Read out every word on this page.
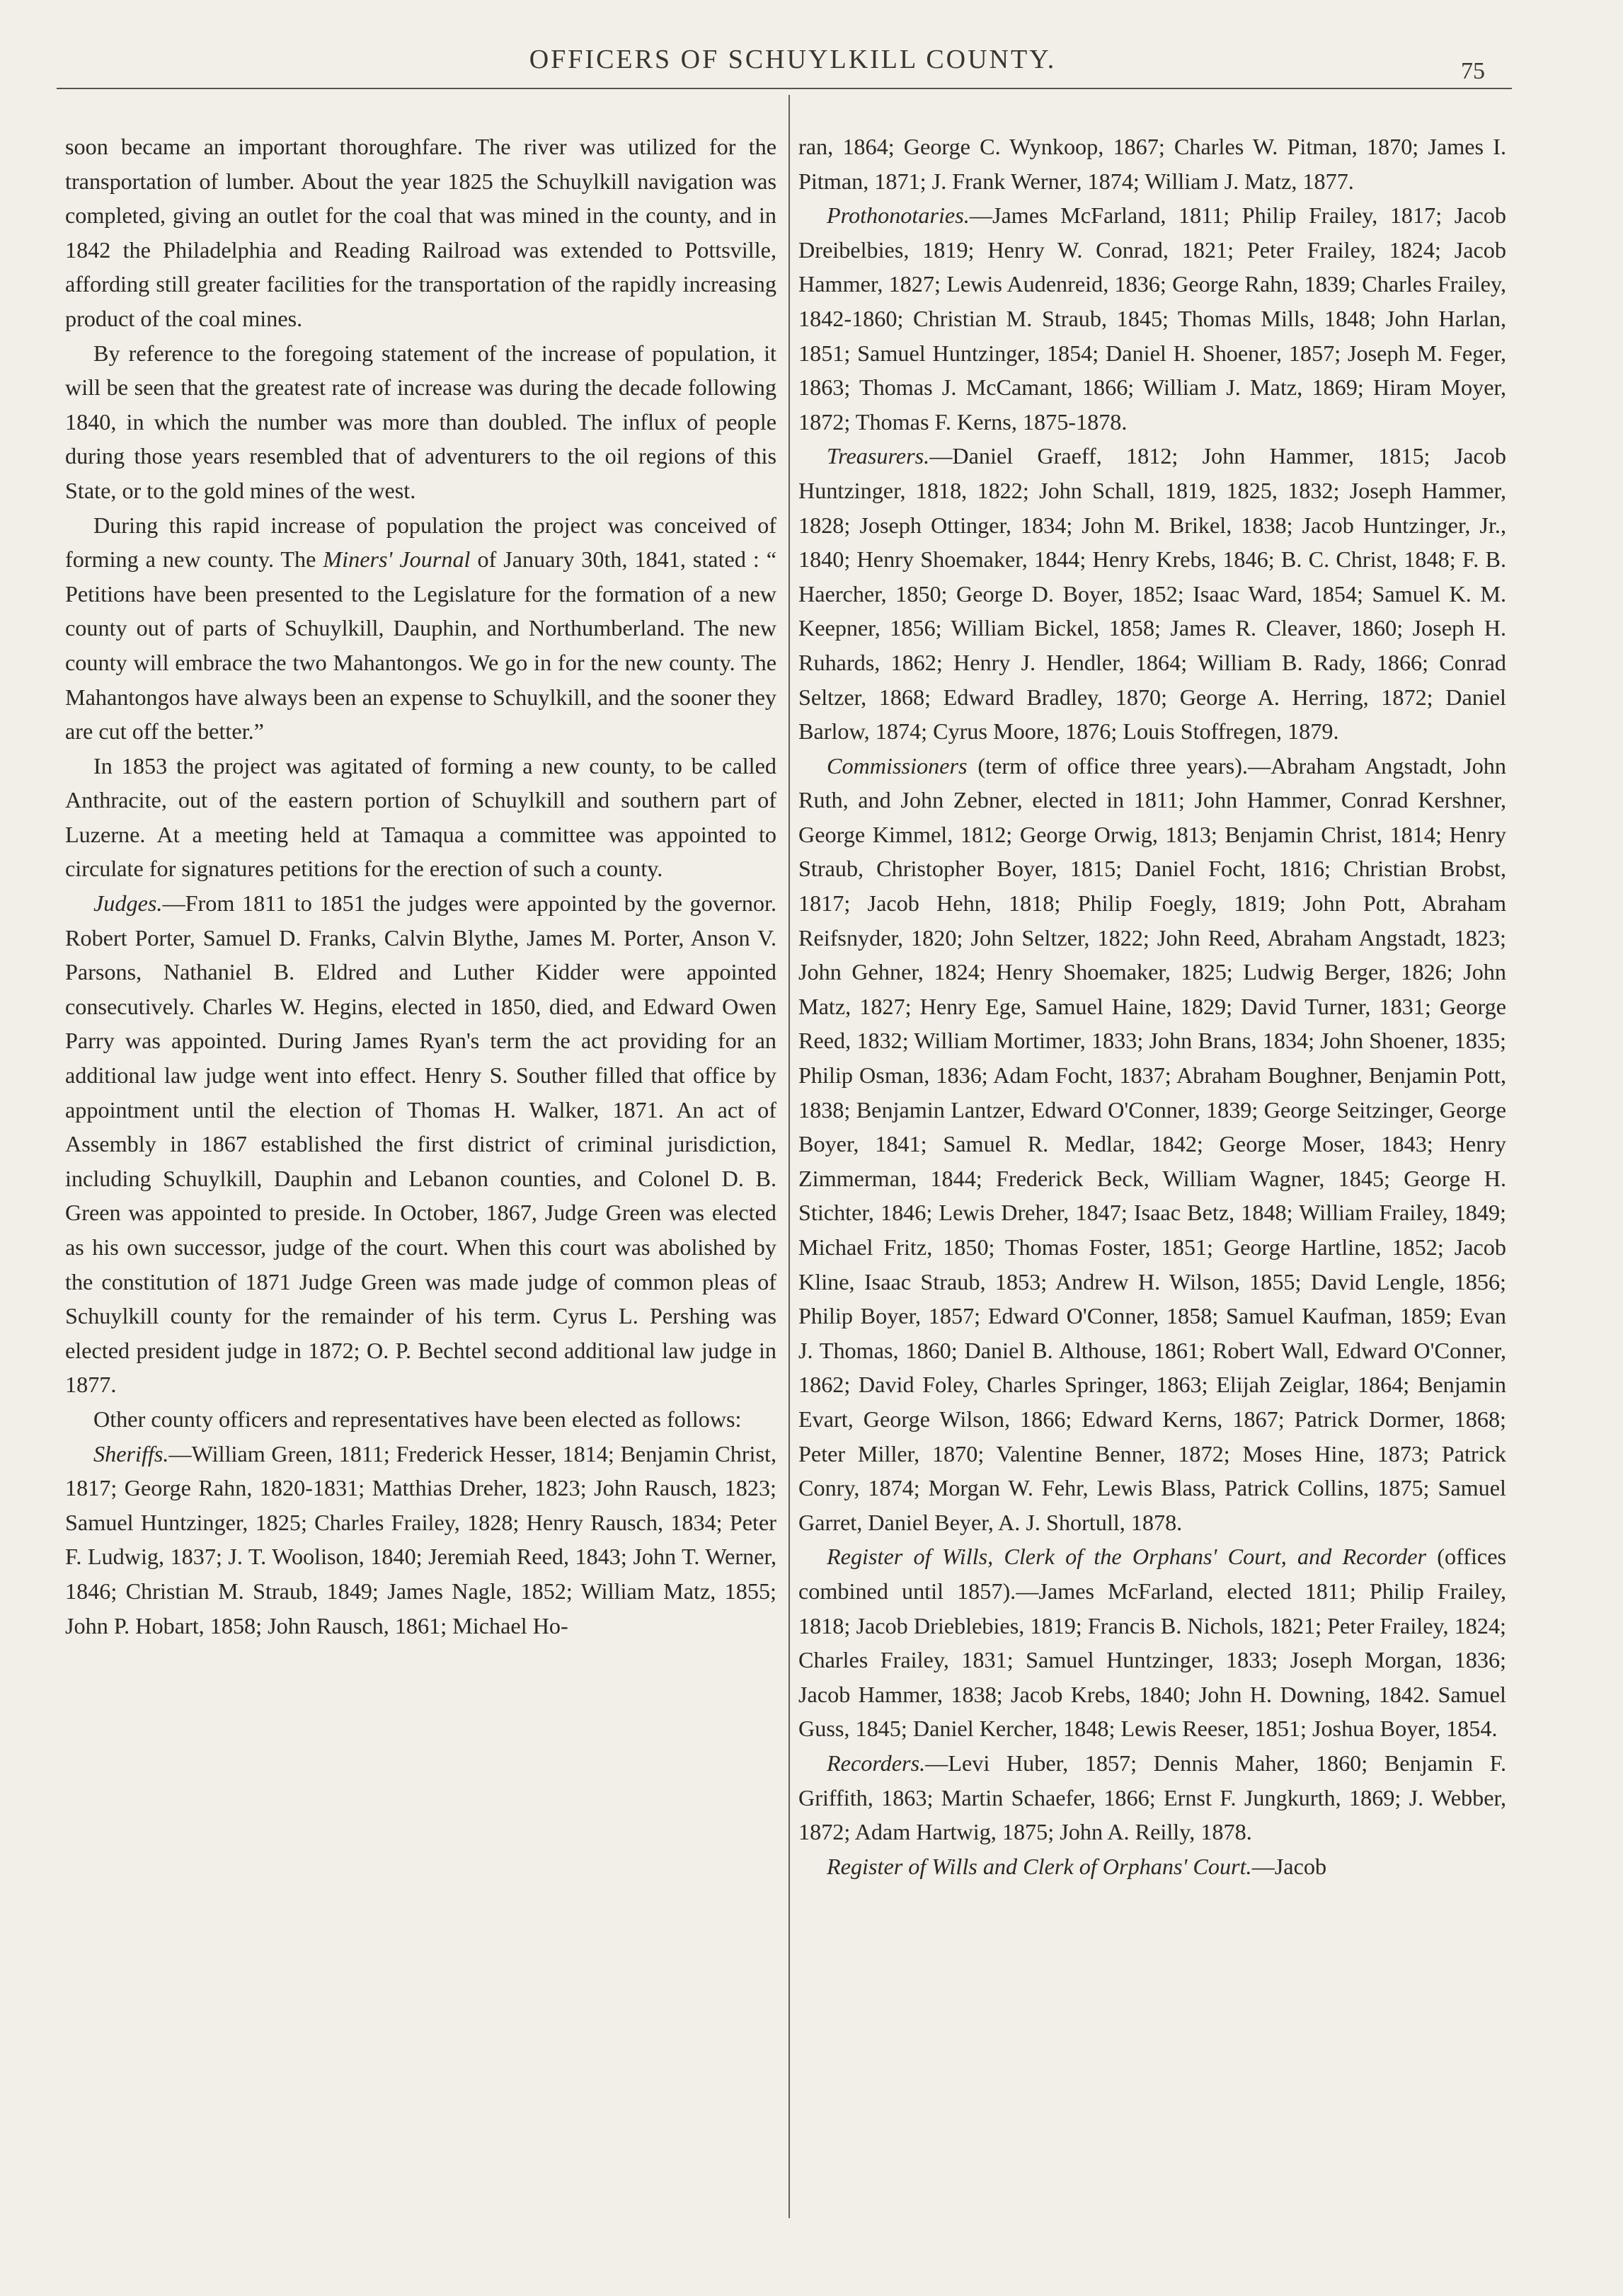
OFFICERS OF SCHUYLKILL COUNTY.	75

soon became an important thoroughfare. The river was utilized for the transportation of lumber. About the year 1825 the Schuylkill navigation was completed, giving an outlet for the coal that was mined in the county, and in 1842 the Philadelphia and Reading Railroad was extended to Pottsville, affording still greater facilities for the transportation of the rapidly increasing product of the coal mines.

By reference to the foregoing statement of the increase of population, it will be seen that the greatest rate of increase was during the decade following 1840, in which the number was more than doubled. The influx of people during those years resembled that of adventurers to the oil regions of this State, or to the gold mines of the west.

During this rapid increase of population the project was conceived of forming a new county. The Miners' Journal of January 30th, 1841, stated : “ Petitions have been presented to the Legislature for the formation of a new county out of parts of Schuylkill, Dauphin, and Northumberland. The new county will embrace the two Mahantongos. We go in for the new county. The Mahantongos have always been an expense to Schuylkill, and the sooner they are cut off the better.”

In 1853 the project was agitated of forming a new county, to be called Anthracite, out of the eastern portion of Schuylkill and southern part of Luzerne. At a meeting held at Tamaqua a committee was appointed to circulate for signatures petitions for the erection of such a county.

Judges.—From 1811 to 1851 the judges were appointed by the governor. Robert Porter, Samuel D. Franks, Calvin Blythe, James M. Porter, Anson V. Parsons, Nathaniel B. Eldred and Luther Kidder were appointed consecutively. Charles W. Hegins, elected in 1850, died, and Edward Owen Parry was appointed. During James Ryan's term the act providing for an additional law judge went into effect. Henry S. Souther filled that office by appointment until the election of Thomas H. Walker, 1871. An act of Assembly in 1867 established the first district of criminal jurisdiction, including Schuylkill, Dauphin and Lebanon counties, and Colonel D. B. Green was appointed to preside. In October, 1867, Judge Green was elected as his own successor, judge of the court. When this court was abolished by the constitution of 1871 Judge Green was made judge of common pleas of Schuylkill county for the remainder of his term. Cyrus L. Pershing was elected president judge in 1872; O. P. Bechtel second additional law judge in 1877.

Other county officers and representatives have been elected as follows:

Sheriffs.—William Green, 1811; Frederick Hesser, 1814; Benjamin Christ, 1817; George Rahn, 1820-1831; Matthias Dreher, 1823; John Rausch, 1823; Samuel Huntzinger, 1825; Charles Frailey, 1828; Henry Rausch, 1834; Peter F. Ludwig, 1837; J. T. Woolison, 1840; Jeremiah Reed, 1843; John T. Werner, 1846; Christian M. Straub, 1849; James Nagle, 1852; William Matz, 1855; John P. Hobart, 1858; John Rausch, 1861; Michael Ho-

ran, 1864; George C. Wynkoop, 1867; Charles W. Pitman, 1870; James I. Pitman, 1871; J. Frank Werner, 1874; William J. Matz, 1877.

Prothonotaries.—James McFarland, 1811; Philip Frailey, 1817; Jacob Dreibelbies, 1819; Henry W. Conrad, 1821; Peter Frailey, 1824; Jacob Hammer, 1827; Lewis Audenreid, 1836; George Rahn, 1839; Charles Frailey, 1842-1860; Christian M. Straub, 1845; Thomas Mills, 1848; John Harlan, 1851; Samuel Huntzinger, 1854; Daniel H. Shoener, 1857; Joseph M. Feger, 1863; Thomas J. McCamant, 1866; William J. Matz, 1869; Hiram Moyer, 1872; Thomas F. Kerns, 1875-1878.

Treasurers.—Daniel Graeff, 1812; John Hammer, 1815; Jacob Huntzinger, 1818, 1822; John Schall, 1819, 1825, 1832; Joseph Hammer, 1828; Joseph Ottinger, 1834; John M. Brikel, 1838; Jacob Huntzinger, Jr., 1840; Henry Shoemaker, 1844; Henry Krebs, 1846; B. C. Christ, 1848; F. B. Haercher, 1850; George D. Boyer, 1852; Isaac Ward, 1854; Samuel K. M. Keepner, 1856; William Bickel, 1858; James R. Cleaver, 1860; Joseph H. Ruhards, 1862; Henry J. Hendler, 1864; William B. Rady, 1866; Conrad Seltzer, 1868; Edward Bradley, 1870; George A. Herring, 1872; Daniel Barlow, 1874; Cyrus Moore, 1876; Louis Stoffregen, 1879.

Commissioners (term of office three years).—Abraham Angstadt, John Ruth, and John Zebner, elected in 1811; John Hammer, Conrad Kershner, George Kimmel, 1812; George Orwig, 1813; Benjamin Christ, 1814; Henry Straub, Christopher Boyer, 1815; Daniel Focht, 1816; Christian Brobst, 1817; Jacob Hehn, 1818; Philip Foegly, 1819; John Pott, Abraham Reifsnyder, 1820; John Seltzer, 1822; John Reed, Abraham Angstadt, 1823; John Gehner, 1824; Henry Shoemaker, 1825; Ludwig Berger, 1826; John Matz, 1827; Henry Ege, Samuel Haine, 1829; David Turner, 1831; George Reed, 1832; William Mortimer, 1833; John Brans, 1834; John Shoener, 1835; Philip Osman, 1836; Adam Focht, 1837; Abraham Boughner, Benjamin Pott, 1838; Benjamin Lantzer, Edward O'Conner, 1839; George Seitzinger, George Boyer, 1841; Samuel R. Medlar, 1842; George Moser, 1843; Henry Zimmerman, 1844; Frederick Beck, William Wagner, 1845; George H. Stichter, 1846; Lewis Dreher, 1847; Isaac Betz, 1848; William Frailey, 1849; Michael Fritz, 1850; Thomas Foster, 1851; George Hartline, 1852; Jacob Kline, Isaac Straub, 1853; Andrew H. Wilson, 1855; David Lengle, 1856; Philip Boyer, 1857; Edward O'Conner, 1858; Samuel Kaufman, 1859; Evan J. Thomas, 1860; Daniel B. Althouse, 1861; Robert Wall, Edward O'Conner, 1862; David Foley, Charles Springer, 1863; Elijah Zeiglar, 1864; Benjamin Evart, George Wilson, 1866; Edward Kerns, 1867; Patrick Dormer, 1868; Peter Miller, 1870; Valentine Benner, 1872; Moses Hine, 1873; Patrick Conry, 1874; Morgan W. Fehr, Lewis Blass, Patrick Collins, 1875; Samuel Garret, Daniel Beyer, A. J. Shortull, 1878.

Register of Wills, Clerk of the Orphans' Court, and Recorder (offices combined until 1857).—James McFarland, elected 1811; Philip Frailey, 1818; Jacob Drieblebies, 1819; Francis B. Nichols, 1821; Peter Frailey, 1824; Charles Frailey, 1831; Samuel Huntzinger, 1833; Joseph Morgan, 1836; Jacob Hammer, 1838; Jacob Krebs, 1840; John H. Downing, 1842. Samuel Guss, 1845; Daniel Kercher, 1848; Lewis Reeser, 1851; Joshua Boyer, 1854.

Recorders.—Levi Huber, 1857; Dennis Maher, 1860; Benjamin F. Griffith, 1863; Martin Schaefer, 1866; Ernst F. Jungkurth, 1869; J. Webber, 1872; Adam Hartwig, 1875; John A. Reilly, 1878.

Register of Wills and Clerk of Orphans' Court.—Jacob
